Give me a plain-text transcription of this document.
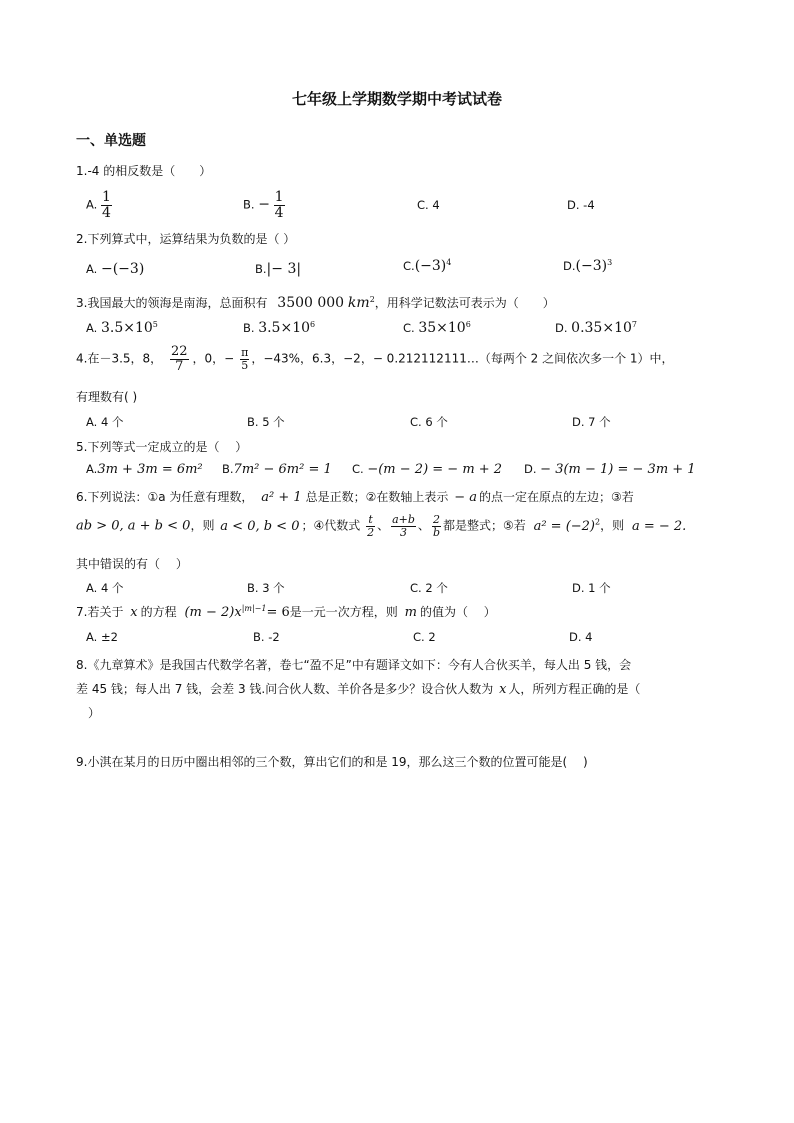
七年级上学期数学期中考试试卷
一、单选题
1.-4 的相反数是（　　）
A. $\frac{1}{4}$	B. − $\frac{1}{4}$	C. 4	D. -4
2.下列算式中，运算结果为负数的是（ ）
A. −(−3)	B.|− 3|	$C.(-3)^4$	$D.(-3)^3$
3.我国最大的领海是南海，总面积有 3500 000 $km^2$，用科学记数法可表示为（　　）
A. $3.5\times 10^5$	B. $3.5\times 10^6$	C. $35\times 10^6$	D. $0.35\times 10^7$
4.在－3.5，8， $\frac{22}{7}$ ，0，− $\frac{\pi}{5}$ ，−43%，6.3，−2，− 0.212112111…（每两个 2 之间依次多一个 1）中，
有理数有( )
A. 4 个	B. 5 个	C. 6 个	D. 7 个
5.下列等式一定成立的是（　 ）
A.3m + 3m = 6m² B.7m² − 6m² = 1 C. −(m − 2) = − m + 2 D. − 3(m − 1) = − 3m + 1
6.下列说法：①a 为任意有理数， a² + 1 总是正数；②在数轴上表示 − a 的点一定在原点的左边；③若
ab > 0, a + b < 0，则 a < 0, b < 0 ；④代数式 $\frac{t}{2}$ 、 $\frac{a+b}{3}$ 、 $\frac{2}{b}$ 都是整式；⑤若 $a^2 = (-2)^2$，则 a = − 2.
其中错误的有（　 ）
A. 4 个	B. 3 个	C. 2 个	D. 1 个
7.若关于 x 的方程 $(m - 2)x^{|m|-1}= 6$是一元一次方程，则 m 的值为（　 ）
A. ±2	B. -2	C. 2	D. 4
8.《九章算术》是我国古代数学名著，卷七“盈不足”中有题译文如下：今有人合伙买羊，每人出 5 钱，会
差 45 钱；每人出 7 钱，会差 3 钱.问合伙人数、羊价各是多少？设合伙人数为 x 人，所列方程正确的是（
　）
9.小淇在某月的日历中圈出相邻的三个数，算出它们的和是 19，那么这三个数的位置可能是(　 )
